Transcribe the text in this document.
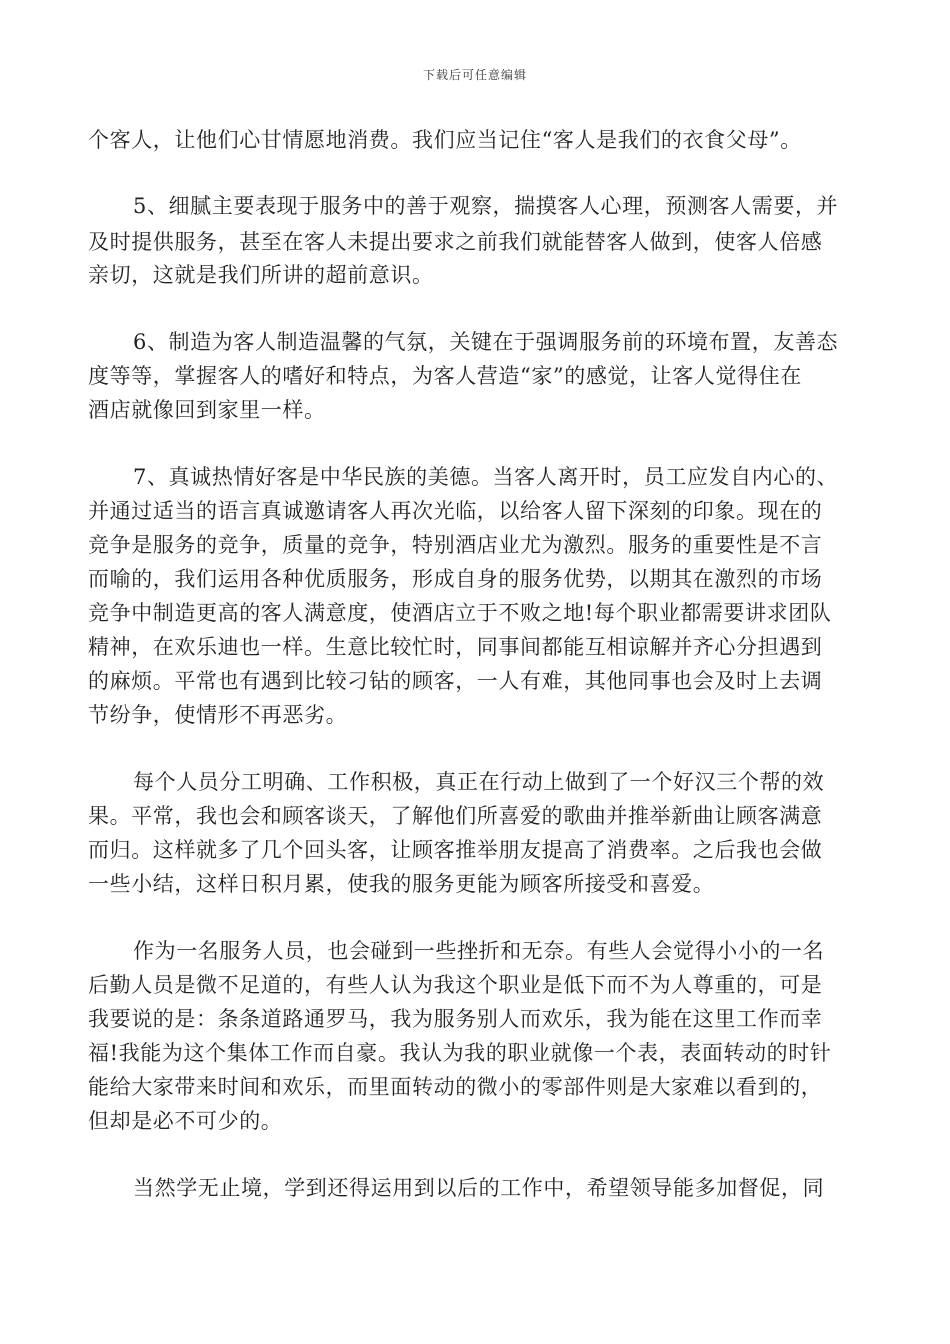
下载后可任意编辑
个客人，让他们心甘情愿地消费。我们应当记住“客人是我们的衣食父母”。
5、细腻主要表现于服务中的善于观察，揣摸客人心理，预测客人需要，并
及时提供服务，甚至在客人未提出要求之前我们就能替客人做到，使客人倍感
亲切，这就是我们所讲的超前意识。
6、制造为客人制造温馨的气氛，关键在于强调服务前的环境布置，友善态
度等等，掌握客人的嗜好和特点，为客人营造“家”的感觉，让客人觉得住在
酒店就像回到家里一样。
7、真诚热情好客是中华民族的美德。当客人离开时，员工应发自内心的、
并通过适当的语言真诚邀请客人再次光临，以给客人留下深刻的印象。现在的
竞争是服务的竞争，质量的竞争，特别酒店业尤为激烈。服务的重要性是不言
而喻的，我们运用各种优质服务，形成自身的服务优势，以期其在激烈的市场
竞争中制造更高的客人满意度，使酒店立于不败之地!每个职业都需要讲求团队
精神，在欢乐迪也一样。生意比较忙时，同事间都能互相谅解并齐心分担遇到
的麻烦。平常也有遇到比较刁钻的顾客，一人有难，其他同事也会及时上去调
节纷争，使情形不再恶劣。
每个人员分工明确、工作积极，真正在行动上做到了一个好汉三个帮的效
果。平常，我也会和顾客谈天，了解他们所喜爱的歌曲并推举新曲让顾客满意
而归。这样就多了几个回头客，让顾客推举朋友提高了消费率。之后我也会做
一些小结，这样日积月累，使我的服务更能为顾客所接受和喜爱。
作为一名服务人员，也会碰到一些挫折和无奈。有些人会觉得小小的一名
后勤人员是微不足道的，有些人认为我这个职业是低下而不为人尊重的，可是
我要说的是：条条道路通罗马，我为服务别人而欢乐，我为能在这里工作而幸
福!我能为这个集体工作而自豪。我认为我的职业就像一个表，表面转动的时针
能给大家带来时间和欢乐，而里面转动的微小的零部件则是大家难以看到的，
但却是必不可少的。
当然学无止境，学到还得运用到以后的工作中，希望领导能多加督促，同
